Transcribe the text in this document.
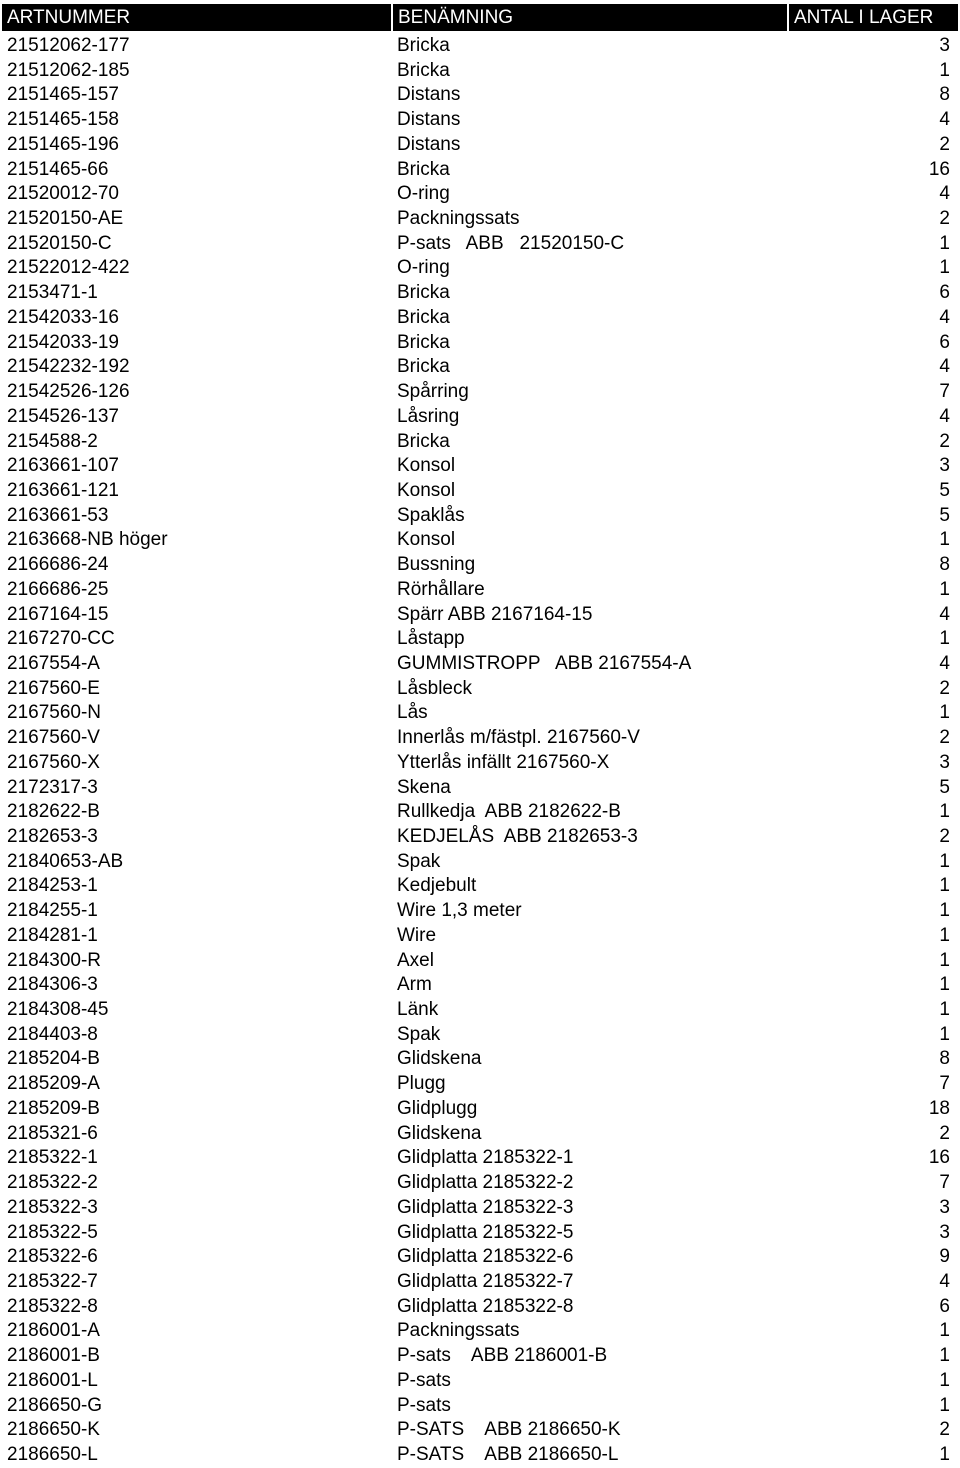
ARTNUMMER	BENÄMNING	ANTAL I LAGER
21512062-177	Bricka	3
21512062-185	Bricka	1
2151465-157	Distans	8
2151465-158	Distans	4
2151465-196	Distans	2
2151465-66	Bricka	16
21520012-70	O-ring	4
21520150-AE	Packningssats	2
21520150-C	P-sats   ABB   21520150-C	1
21522012-422	O-ring	1
2153471-1	Bricka	6
21542033-16	Bricka	4
21542033-19	Bricka	6
21542232-192	Bricka	4
21542526-126	Spårring	7
2154526-137	Låsring	4
2154588-2	Bricka	2
2163661-107	Konsol	3
2163661-121	Konsol	5
2163661-53	Spaklås	5
2163668-NB höger	Konsol	1
2166686-24	Bussning	8
2166686-25	Rörhållare	1
2167164-15	Spärr ABB 2167164-15	4
2167270-CC	Låstapp	1
2167554-A	GUMMISTROPP   ABB 2167554-A	4
2167560-E	Låsbleck	2
2167560-N	Lås	1
2167560-V	Innerlås m/fästpl. 2167560-V	2
2167560-X	Ytterlås infällt 2167560-X	3
2172317-3	Skena	5
2182622-B	Rullkedja  ABB 2182622-B	1
2182653-3	KEDJELÅS  ABB 2182653-3	2
21840653-AB	Spak	1
2184253-1	Kedjebult	1
2184255-1	Wire 1,3 meter	1
2184281-1	Wire	1
2184300-R	Axel	1
2184306-3	Arm	1
2184308-45	Länk	1
2184403-8	Spak	1
2185204-B	Glidskena	8
2185209-A	Plugg	7
2185209-B	Glidplugg	18
2185321-6	Glidskena	2
2185322-1	Glidplatta 2185322-1	16
2185322-2	Glidplatta 2185322-2	7
2185322-3	Glidplatta 2185322-3	3
2185322-5	Glidplatta 2185322-5	3
2185322-6	Glidplatta 2185322-6	9
2185322-7	Glidplatta 2185322-7	4
2185322-8	Glidplatta 2185322-8	6
2186001-A	Packningssats	1
2186001-B	P-sats    ABB 2186001-B	1
2186001-L	P-sats	1
2186650-G	P-sats	1
2186650-K	P-SATS    ABB 2186650-K	2
2186650-L	P-SATS    ABB 2186650-L	1
